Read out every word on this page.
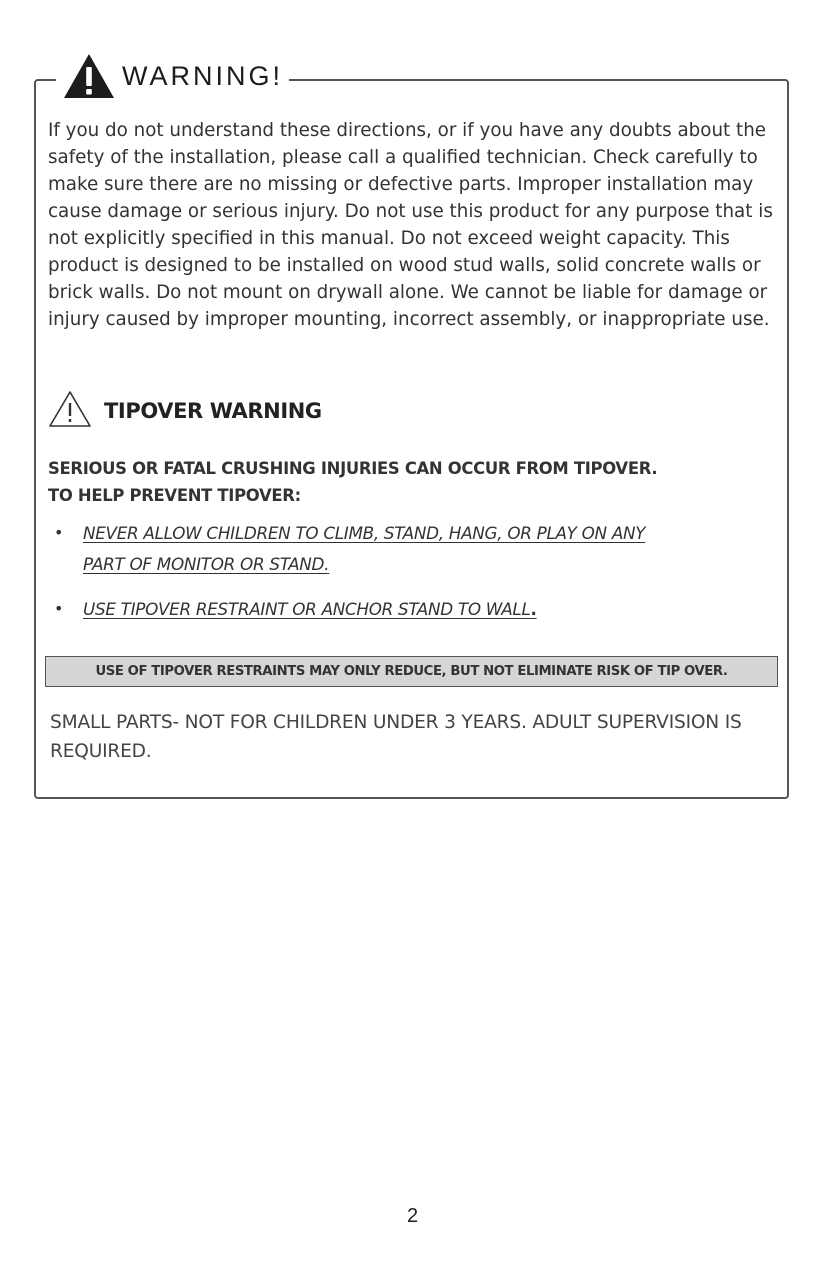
WARNING!
If you do not understand these directions, or if you have any doubts about the safety of the installation, please call a qualified technician. Check carefully to make sure there are no missing or defective parts. Improper installation may cause damage or serious injury. Do not use this product for any purpose that is not explicitly specified in this manual. Do not exceed weight capacity. This product is designed to be installed on wood stud walls, solid concrete walls or brick walls. Do not mount on drywall alone. We cannot be liable for damage or injury caused by improper mounting, incorrect assembly, or inappropriate use.
TIPOVER WARNING
SERIOUS OR FATAL CRUSHING INJURIES CAN OCCUR FROM TIPOVER.
TO HELP PREVENT TIPOVER:
• NEVER ALLOW CHILDREN TO CLIMB, STAND, HANG, OR PLAY ON ANY
PART OF MONITOR OR STAND.
• USE TIPOVER RESTRAINT OR ANCHOR STAND TO WALL.
USE OF TIPOVER RESTRAINTS MAY ONLY REDUCE, BUT NOT ELIMINATE RISK OF TIP OVER.
SMALL PARTS- NOT FOR CHILDREN UNDER 3 YEARS. ADULT SUPERVISION IS REQUIRED.
2
